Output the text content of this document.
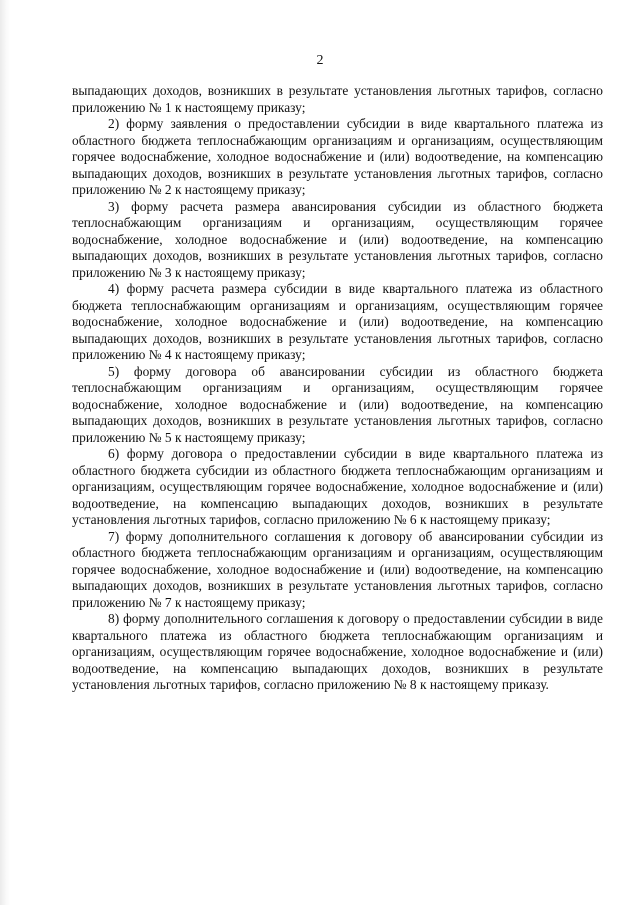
2

выпадающих доходов, возникших в результате установления льготных тарифов, согласно приложению № 1 к настоящему приказу;

2) форму заявления о предоставлении субсидии в виде квартального платежа из областного бюджета теплоснабжающим организациям и организациям, осуществляющим горячее водоснабжение, холодное водоснабжение и (или) водоотведение, на компенсацию выпадающих доходов, возникших в результате установления льготных тарифов, согласно приложению № 2 к настоящему приказу;

3) форму расчета размера авансирования субсидии из областного бюджета теплоснабжающим организациям и организациям, осуществляющим горячее водоснабжение, холодное водоснабжение и (или) водоотведение, на компенсацию выпадающих доходов, возникших в результате установления льготных тарифов, согласно приложению № 3 к настоящему приказу;

4) форму расчета размера субсидии в виде квартального платежа из областного бюджета теплоснабжающим организациям и организациям, осуществляющим горячее водоснабжение, холодное водоснабжение и (или) водоотведение, на компенсацию выпадающих доходов, возникших в результате установления льготных тарифов, согласно приложению № 4 к настоящему приказу;

5) форму договора об авансировании субсидии из областного бюджета теплоснабжающим организациям и организациям, осуществляющим горячее водоснабжение, холодное водоснабжение и (или) водоотведение, на компенсацию выпадающих доходов, возникших в результате установления льготных тарифов, согласно приложению № 5 к настоящему приказу;

6) форму договора о предоставлении субсидии в виде квартального платежа из областного бюджета субсидии из областного бюджета теплоснабжающим организациям и организациям, осуществляющим горячее водоснабжение, холодное водоснабжение и (или) водоотведение, на компенсацию выпадающих доходов, возникших в результате установления льготных тарифов, согласно приложению № 6 к настоящему приказу;

7) форму дополнительного соглашения к договору об авансировании субсидии из областного бюджета теплоснабжающим организациям и организациям, осуществляющим горячее водоснабжение, холодное водоснабжение и (или) водоотведение, на компенсацию выпадающих доходов, возникших в результате установления льготных тарифов, согласно приложению № 7 к настоящему приказу;

8) форму дополнительного соглашения к договору о предоставлении субсидии в виде квартального платежа из областного бюджета теплоснабжающим организациям и организациям, осуществляющим горячее водоснабжение, холодное водоснабжение и (или) водоотведение, на компенсацию выпадающих доходов, возникших в результате установления льготных тарифов, согласно приложению № 8 к настоящему приказу.
